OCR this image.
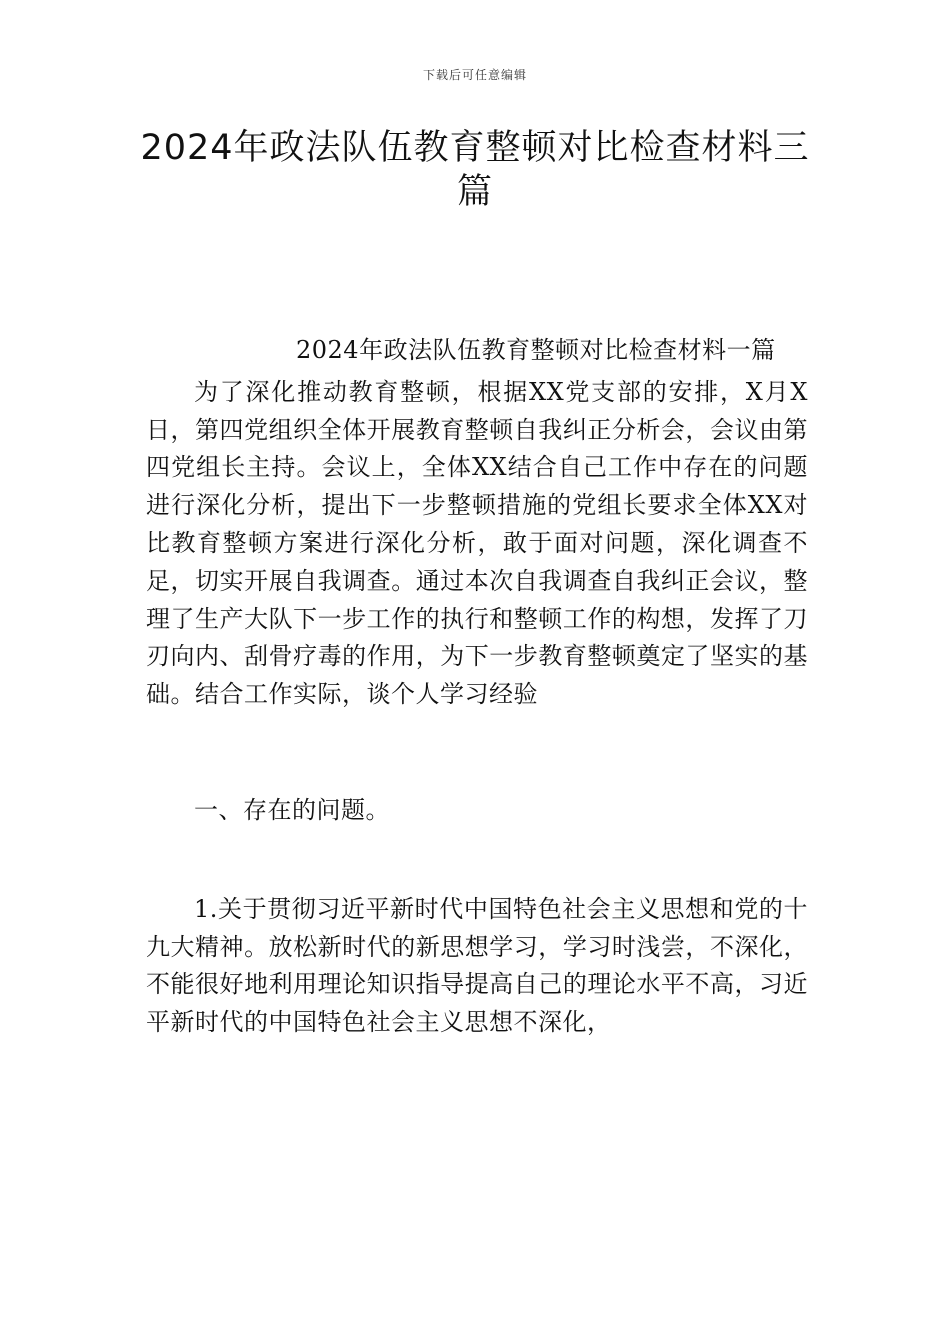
下载后可任意编辑
2024年政法队伍教育整顿对比检查材料三篇

2024年政法队伍教育整顿对比检查材料一篇

为了深化推动教育整顿，根据XX党支部的安排，X月X日，第四党组织全体开展教育整顿自我纠正分析会，会议由第四党组长主持。会议上，全体XX结合自己工作中存在的问题进行深化分析，提出下一步整顿措施的党组长要求全体XX对比教育整顿方案进行深化分析，敢于面对问题，深化调查不足，切实开展自我调查。通过本次自我调查自我纠正会议，整理了生产大队下一步工作的执行和整顿工作的构想，发挥了刀刃向内、刮骨疗毒的作用，为下一步教育整顿奠定了坚实的基础。结合工作实际，谈个人学习经验

一、存在的问题。

1.关于贯彻习近平新时代中国特色社会主义思想和党的十九大精神。放松新时代的新思想学习，学习时浅尝，不深化，不能很好地利用理论知识指导提高自己的理论水平不高，习近平新时代的中国特色社会主义思想不深化，
